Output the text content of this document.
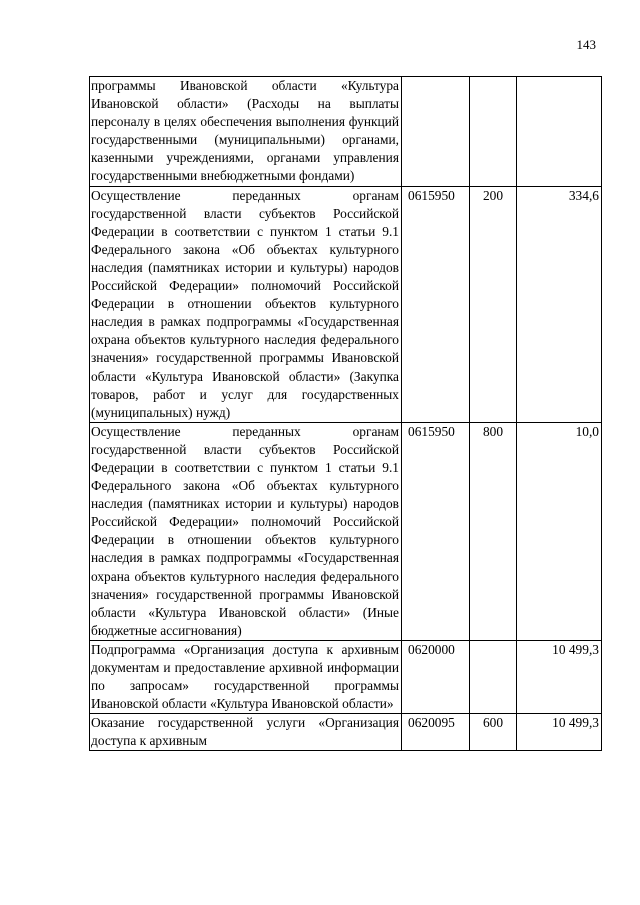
143
программы Ивановской области «Культура Ивановской области» (Расходы на выплаты персоналу в целях обеспечения выполнения функций государственными (муниципальными) органами, казенными учреждениями, органами управления государственными внебюджетными фондами)			
Осуществление переданных органам государственной власти субъектов Российской Федерации в соответствии с пунктом 1 статьи 9.1 Федерального закона «Об объектах культурного наследия (памятниках истории и культуры) народов Российской Федерации» полномочий Российской Федерации в отношении объектов культурного наследия в рамках подпрограммы «Государственная охрана объектов культурного наследия федерального значения» государственной программы Ивановской области «Культура Ивановской области» (Закупка товаров, работ и услуг для государственных (муниципальных) нужд)	0615950	200	334,6
Осуществление переданных органам государственной власти субъектов Российской Федерации в соответствии с пунктом 1 статьи 9.1 Федерального закона «Об объектах культурного наследия (памятниках истории и культуры) народов Российской Федерации» полномочий Российской Федерации в отношении объектов культурного наследия в рамках подпрограммы «Государственная охрана объектов культурного наследия федерального значения» государственной программы Ивановской области «Культура Ивановской области» (Иные бюджетные ассигнования)	0615950	800	10,0
Подпрограмма «Организация доступа к архивным документам и предоставление архивной информации по запросам» государственной программы Ивановской области «Культура Ивановской области»	0620000		10 499,3
Оказание государственной услуги «Организация доступа к архивным	0620095	600	10 499,3
